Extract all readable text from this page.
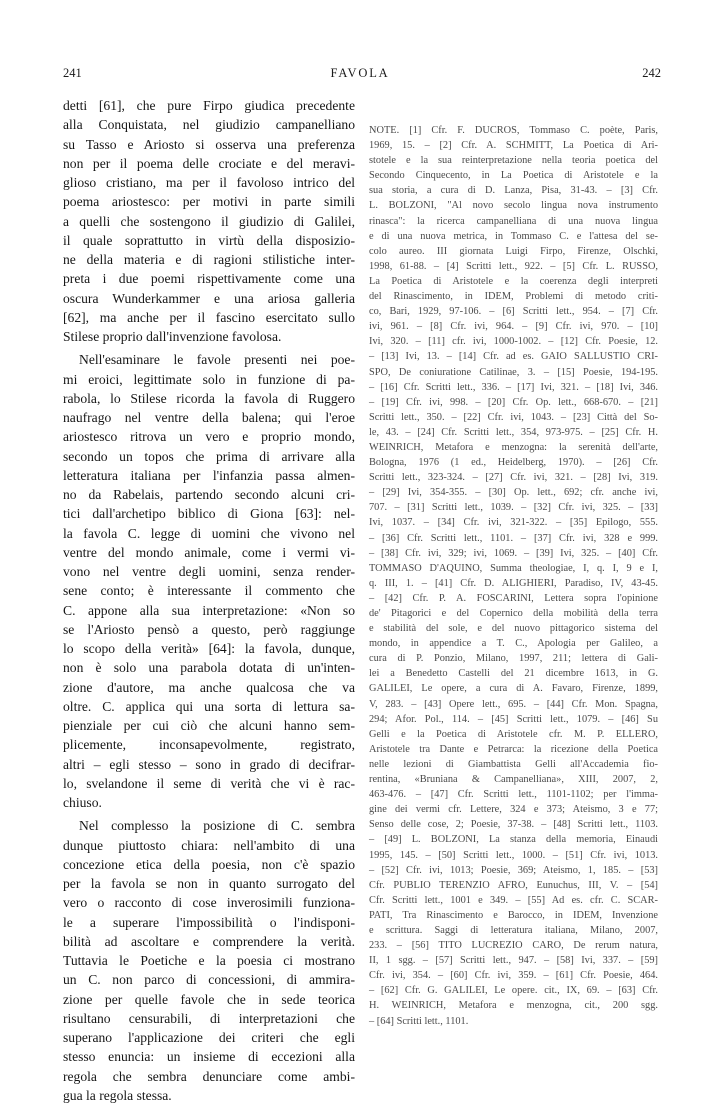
241	FAVOLA	242
detti [61], che pure Firpo giudica precedente
alla Conquistata, nel giudizio campanelliano
su Tasso e Ariosto si osserva una preferenza
non per il poema delle crociate e del meravi-
glioso cristiano, ma per il favoloso intrico del
poema ariostesco: per motivi in parte simili
a quelli che sostengono il giudizio di Galilei,
il quale soprattutto in virtù della disposizio-
ne della materia e di ragioni stilistiche inter-
preta i due poemi rispettivamente come una
oscura Wunderkammer e una ariosa galleria
[62], ma anche per il fascino esercitato sullo
Stilese proprio dall'invenzione favolosa.
Nell'esaminare le favole presenti nei poe-
mi eroici, legittimate solo in funzione di pa-
rabola, lo Stilese ricorda la favola di Ruggero
naufrago nel ventre della balena; qui l'eroe
ariostesco ritrova un vero e proprio mondo,
secondo un topos che prima di arrivare alla
letteratura italiana per l'infanzia passa almen-
no da Rabelais, partendo secondo alcuni cri-
tici dall'archetipo biblico di Giona [63]: nel-
la favola C. legge di uomini che vivono nel
ventre del mondo animale, come i vermi vi-
vono nel ventre degli uomini, senza render-
sene conto; è interessante il commento che
C. appone alla sua interpretazione: «Non so
se l'Ariosto pensò a questo, però raggiunge
lo scopo della verità» [64]: la favola, dunque,
non è solo una parabola dotata di un'inten-
zione d'autore, ma anche qualcosa che va
oltre. C. applica qui una sorta di lettura sa-
pienziale per cui ciò che alcuni hanno sem-
plicemente, inconsapevolmente, registrato,
altri – egli stesso – sono in grado di decifrar-
lo, svelandone il seme di verità che vi è rac-
chiuso.
Nel complesso la posizione di C. sembra
dunque piuttosto chiara: nell'ambito di una
concezione etica della poesia, non c'è spazio
per la favola se non in quanto surrogato del
vero o racconto di cose inverosimili funziona-
le a superare l'impossibilità o l'indisponi-
bilità ad ascoltare e comprendere la verità.
Tuttavia le Poetiche e la poesia ci mostrano
un C. non parco di concessioni, di ammira-
zione per quelle favole che in sede teorica
risultano censurabili, di interpretazioni che
superano l'applicazione dei criteri che egli
stesso enuncia: un insieme di eccezioni alla
regola che sembra denunciare come ambi-
gua la regola stessa.
NOTE. [1] Cfr. F. DUCROS, Tommaso C. poète, Paris,
1969, 15. – [2] Cfr. A. SCHMITT, La Poetica di Ari-
stotele e la sua reinterpretazione nella teoria poetica del
Secondo Cinquecento, in La Poetica di Aristotele e la
sua storia, a cura di D. Lanza, Pisa, 31-43. – [3] Cfr.
L. BOLZONI, "Al novo secolo lingua nova instrumento
rinasca": la ricerca campanelliana di una nuova lingua
e di una nuova metrica, in Tommaso C. e l'attesa del se-
colo aureo. III giornata Luigi Firpo, Firenze, Olschki,
1998, 61-88. – [4] Scritti lett., 922. – [5] Cfr. L. RUSSO,
La Poetica di Aristotele e la coerenza degli interpreti
del Rinascimento, in IDEM, Problemi di metodo criti-
co, Bari, 1929, 97-106. – [6] Scritti lett., 954. – [7] Cfr.
ivi, 961. – [8] Cfr. ivi, 964. – [9] Cfr. ivi, 970. – [10]
Ivi, 320. – [11] cfr. ivi, 1000-1002. – [12] Cfr. Poesie, 12.
– [13] Ivi, 13. – [14] Cfr. ad es. GAIO SALLUSTIO CRI-
SPO, De coniuratione Catilinae, 3. – [15] Poesie, 194-195.
– [16] Cfr. Scritti lett., 336. – [17] Ivi, 321. – [18] Ivi, 346.
– [19] Cfr. ivi, 998. – [20] Cfr. Op. lett., 668-670. – [21]
Scritti lett., 350. – [22] Cfr. ivi, 1043. – [23] Città del So-
le, 43. – [24] Cfr. Scritti lett., 354, 973-975. – [25] Cfr. H.
WEINRICH, Metafora e menzogna: la serenità dell'arte,
Bologna, 1976 (1 ed., Heidelberg, 1970). – [26] Cfr.
Scritti lett., 323-324. – [27] Cfr. ivi, 321. – [28] Ivi, 319.
– [29] Ivi, 354-355. – [30] Op. lett., 692; cfr. anche ivi,
707. – [31] Scritti lett., 1039. – [32] Cfr. ivi, 325. – [33]
Ivi, 1037. – [34] Cfr. ivi, 321-322. – [35] Epilogo, 555.
– [36] Cfr. Scritti lett., 1101. – [37] Cfr. ivi, 328 e 999.
– [38] Cfr. ivi, 329; ivi, 1069. – [39] Ivi, 325. – [40] Cfr.
TOMMASO D'AQUINO, Summa theologiae, I, q. I, 9 e I,
q. III, 1. – [41] Cfr. D. ALIGHIERI, Paradiso, IV, 43-45.
– [42] Cfr. P. A. FOSCARINI, Lettera sopra l'opinione
de' Pitagorici e del Copernico della mobilità della terra
e stabilità del sole, e del nuovo pittagorico sistema del
mondo, in appendice a T. C., Apologia per Galileo, a
cura di P. Ponzio, Milano, 1997, 211; lettera di Gali-
lei a Benedetto Castelli del 21 dicembre 1613, in G.
GALILEI, Le opere, a cura di A. Favaro, Firenze, 1899,
V, 283. – [43] Opere lett., 695. – [44] Cfr. Mon. Spagna,
294; Afor. Pol., 114. – [45] Scritti lett., 1079. – [46] Su
Gelli e la Poetica di Aristotele cfr. M. P. ELLERO,
Aristotele tra Dante e Petrarca: la ricezione della Poetica
nelle lezioni di Giambattista Gelli all'Accademia fio-
rentina, «Bruniana & Campanelliana», XIII, 2007, 2,
463-476. – [47] Cfr. Scritti lett., 1101-1102; per l'imma-
gine dei vermi cfr. Lettere, 324 e 373; Ateismo, 3 e 77;
Senso delle cose, 2; Poesie, 37-38. – [48] Scritti lett., 1103.
– [49] L. BOLZONI, La stanza della memoria, Einaudi
1995, 145. – [50] Scritti lett., 1000. – [51] Cfr. ivi, 1013.
– [52] Cfr. ivi, 1013; Poesie, 369; Ateismo, 1, 185. – [53]
Cfr. PUBLIO TERENZIO AFRO, Eunuchus, III, V. – [54]
Cfr. Scritti lett., 1001 e 349. – [55] Ad es. cfr. C. SCAR-
PATI, Tra Rinascimento e Barocco, in IDEM, Invenzione
e scrittura. Saggi di letteratura italiana, Milano, 2007,
233. – [56] TITO LUCREZIO CARO, De rerum natura,
II, 1 sgg. – [57] Scritti lett., 947. – [58] Ivi, 337. – [59]
Cfr. ivi, 354. – [60] Cfr. ivi, 359. – [61] Cfr. Poesie, 464.
– [62] Cfr. G. GALILEI, Le opere. cit., IX, 69. – [63] Cfr.
H. WEINRICH, Metafora e menzogna, cit., 200 sgg.
– [64] Scritti lett., 1101.
